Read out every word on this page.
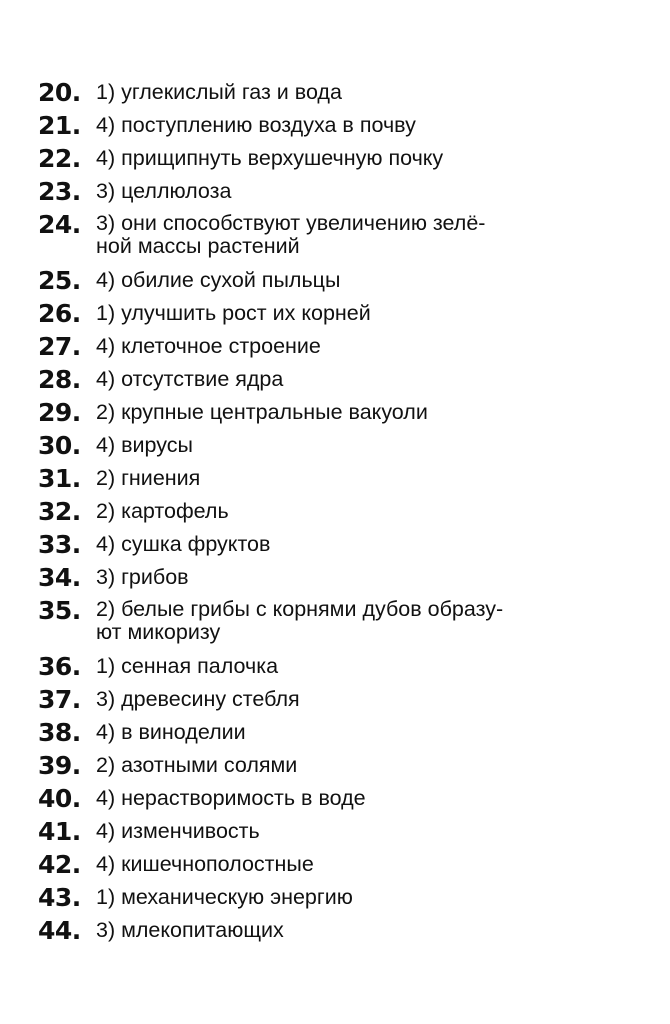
20. 1) углекислый газ и вода
21. 4) поступлению воздуха в почву
22. 4) прищипнуть верхушечную почку
23. 3) целлюлоза
24. 3) они способствуют увеличению зелё-
ной массы растений
25. 4) обилие сухой пыльцы
26. 1) улучшить рост их корней
27. 4) клеточное строение
28. 4) отсутствие ядра
29. 2) крупные центральные вакуоли
30. 4) вирусы
31. 2) гниения
32. 2) картофель
33. 4) сушка фруктов
34. 3) грибов
35. 2) белые грибы с корнями дубов образу-
ют микоризу
36. 1) сенная палочка
37. 3) древесину стебля
38. 4) в виноделии
39. 2) азотными солями
40. 4) нерастворимость в воде
41. 4) изменчивость
42. 4) кишечнополостные
43. 1) механическую энергию
44. 3) млекопитающих
